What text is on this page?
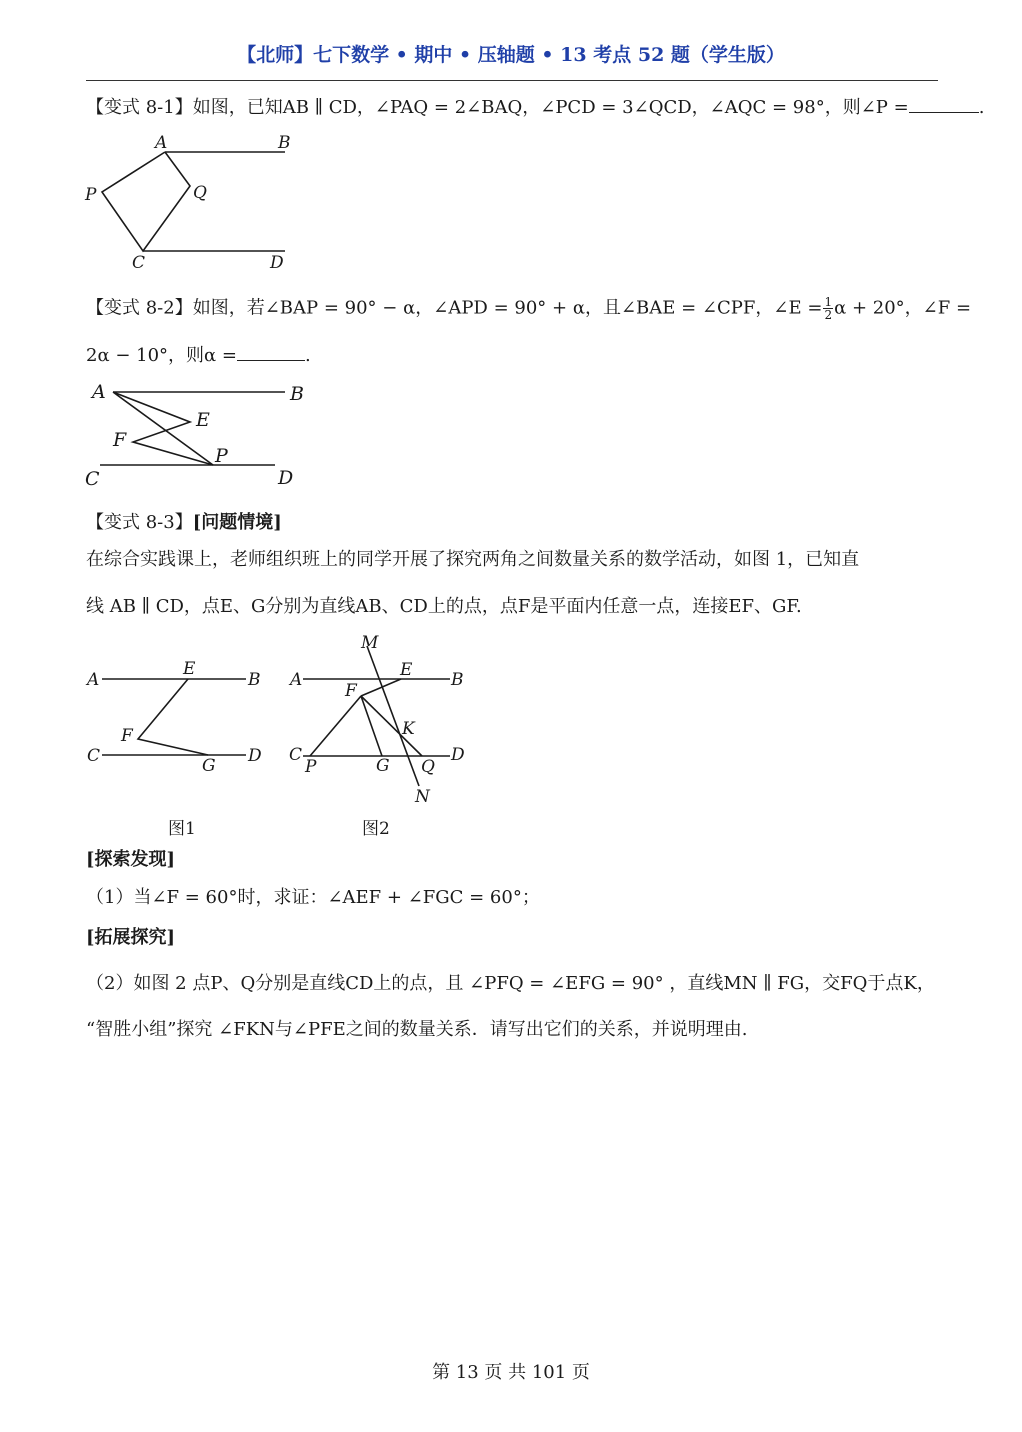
【北师】七下数学 • 期中 • 压轴题 • 13 考点 52 题（学生版）
【变式 8-1】如图，已知AB ∥ CD，∠PAQ = 2∠BAQ，∠PCD = 3∠QCD，∠AQC = 98°，则∠P =	.
A	B
P	Q
C	D
【变式 8-2】如图，若∠BAP = 90° − α，∠APD = 90° + α，且∠BAE = ∠CPF，∠E = $\frac{1}{2}$ α + 20°，∠F =
2α − 10°，则α =	.
A	B
E
F
P
C	D
【变式 8-3】[问题情境]
在综合实践课上，老师组织班上的同学开展了探究两角之间数量关系的数学活动，如图 1，已知直
线 AB ∥ CD，点E、G分别为直线AB、CD上的点，点F是平面内任意一点，连接EF、GF.
A
E
B
F
C	G D
图1
M
A
F
E B
K
C
P	G Q
D
N
图2
[探索发现]
（1）当∠F = 60°时，求证：∠AEF + ∠FGC = 60°；
[拓展探究]
（2）如图 2 点P、Q分别是直线CD上的点，且 ∠PFQ = ∠EFG = 90° ，直线MN ∥ FG，交FQ于点K，
“智胜小组”探究 ∠FKN与∠PFE之间的数量关系．请写出它们的关系，并说明理由.
第 13 页 共 101 页
